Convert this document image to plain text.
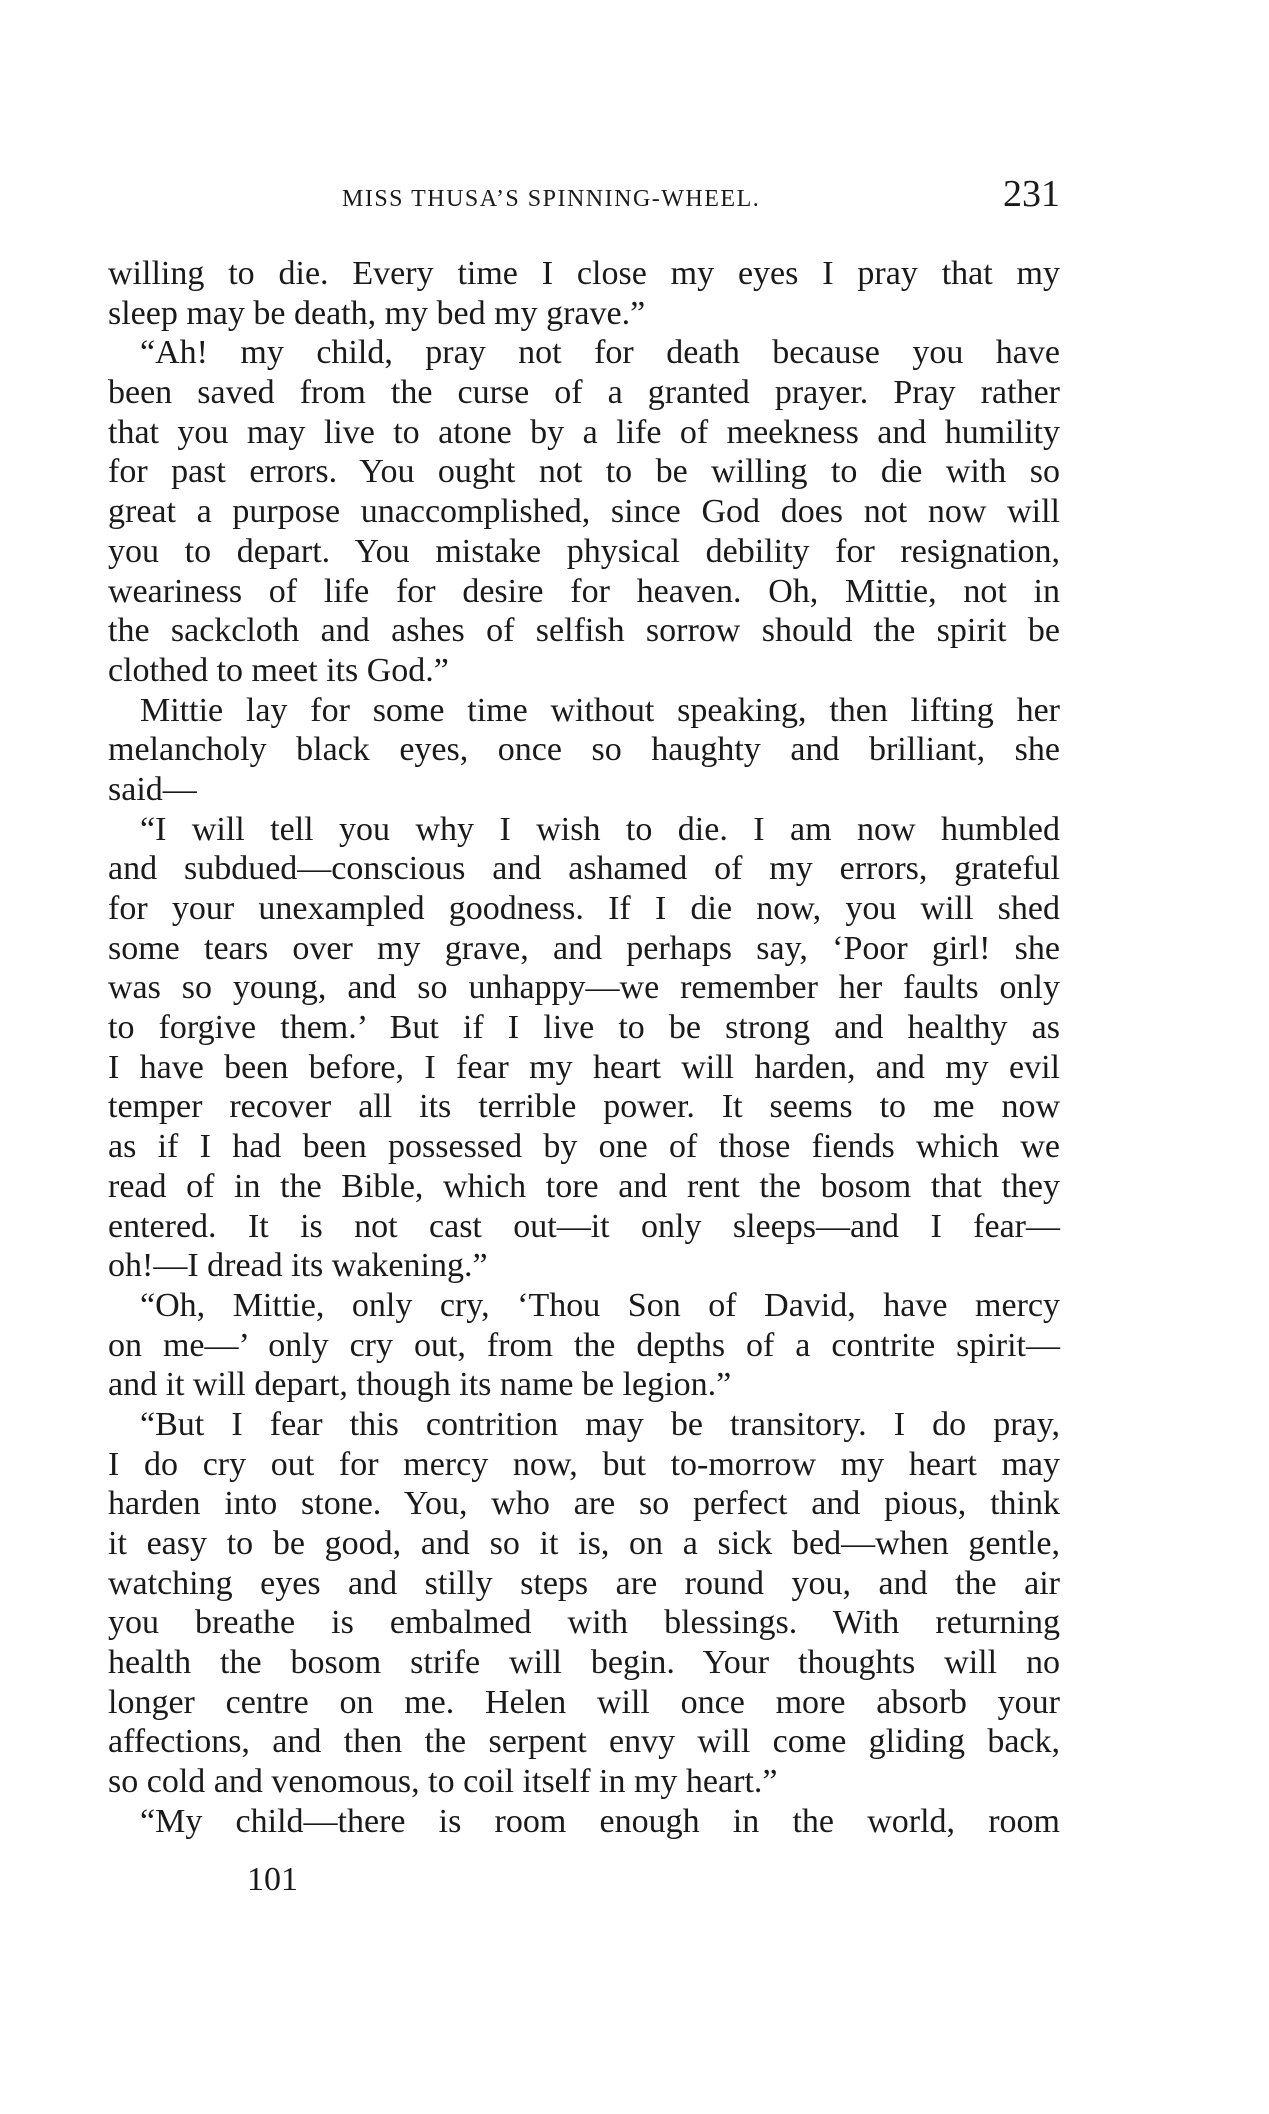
MISS THUSA’S SPINNING-WHEEL.	231
willing to die. Every time I close my eyes I pray that my
sleep may be death, my bed my grave.”
“Ah! my child, pray not for death because you have
been saved from the curse of a granted prayer. Pray rather
that you may live to atone by a life of meekness and humility
for past errors. You ought not to be willing to die with so
great a purpose unaccomplished, since God does not now will
you to depart. You mistake physical debility for resignation,
weariness of life for desire for heaven. Oh, Mittie, not in
the sackcloth and ashes of selfish sorrow should the spirit be
clothed to meet its God.”
Mittie lay for some time without speaking, then lifting her
melancholy black eyes, once so haughty and brilliant, she
said—
“I will tell you why I wish to die. I am now humbled
and subdued—conscious and ashamed of my errors, grateful
for your unexampled goodness. If I die now, you will shed
some tears over my grave, and perhaps say, ‘Poor girl! she
was so young, and so unhappy—we remember her faults only
to forgive them.’ But if I live to be strong and healthy as
I have been before, I fear my heart will harden, and my evil
temper recover all its terrible power. It seems to me now
as if I had been possessed by one of those fiends which we
read of in the Bible, which tore and rent the bosom that they
entered. It is not cast out—it only sleeps—and I fear—
oh!—I dread its wakening.”
“Oh, Mittie, only cry, ‘Thou Son of David, have mercy
on me—’ only cry out, from the depths of a contrite spirit—
and it will depart, though its name be legion.”
“But I fear this contrition may be transitory. I do pray,
I do cry out for mercy now, but to-morrow my heart may
harden into stone. You, who are so perfect and pious, think
it easy to be good, and so it is, on a sick bed—when gentle,
watching eyes and stilly steps are round you, and the air
you breathe is embalmed with blessings. With returning
health the bosom strife will begin. Your thoughts will no
longer centre on me. Helen will once more absorb your
affections, and then the serpent envy will come gliding back,
so cold and venomous, to coil itself in my heart.”
“My child—there is room enough in the world, room
101
